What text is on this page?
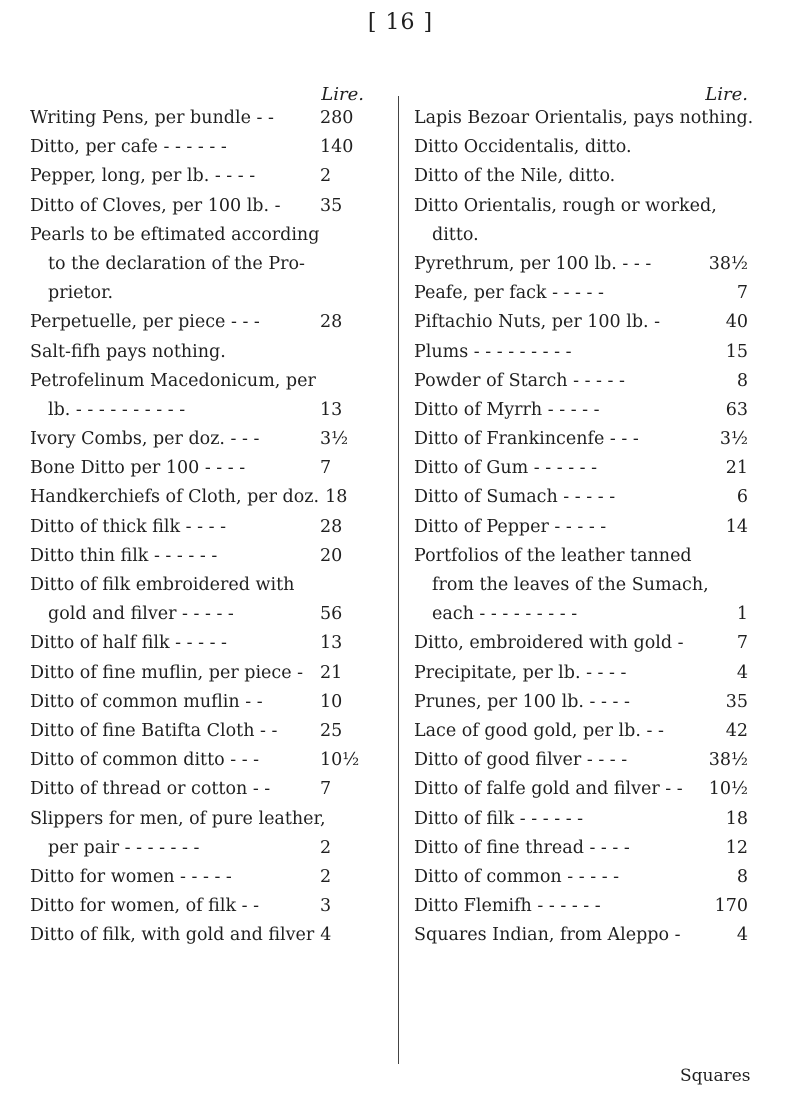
[ 16 ]
Lire.
Writing Pens, per bundle - -	280
Ditto, per cafe - - - - - -	140
Pepper, long, per lb. - - - -	2
Ditto of Cloves, per 100 lb. -	35
Pearls to be eftimated according
to the declaration of the Pro-
prietor.
Perpetuelle, per piece - - -	28
Salt-fifh pays nothing.
Petrofelinum Macedonicum, per
lb. - - - - - - - - - -	13
Ivory Combs, per doz. - - -	3½
Bone Ditto per 100 - - - -	7
Handkerchiefs of Cloth, per doz. 18
Ditto of thick filk - - - -	28
Ditto thin filk - - - - - -	20
Ditto of filk embroidered with
gold and filver - - - - -	56
Ditto of half filk - - - - -	13
Ditto of fine muflin, per piece - 21
Ditto of common muflin - -	10
Ditto of fine Batifta Cloth - -	25
Ditto of common ditto - - -	10½
Ditto of thread or cotton - -	7
Slippers for men, of pure leather,
per pair - - - - - - -	2
Ditto for women - - - - -	2
Ditto for women, of filk - -	3
Ditto of filk, with gold and filver 4
Lire.
Lapis Bezoar Orientalis, pays nothing.
Ditto Occidentalis, ditto.
Ditto of the Nile, ditto.
Ditto Orientalis, rough or worked,
ditto.
Pyrethrum, per 100 lb. - - -	38½
Peafe, per fack - - - - -	7
Piftachio Nuts, per 100 lb. -	40
Plums - - - - - - - - -	15
Powder of Starch - - - - -	8
Ditto of Myrrh - - - - -	63
Ditto of Frankincenfe - - -	3½
Ditto of Gum - - - - - -	21
Ditto of Sumach - - - - -	6
Ditto of Pepper - - - - -	14
Portfolios of the leather tanned
from the leaves of the Sumach,
each - - - - - - - - -	1
Ditto, embroidered with gold -	7
Precipitate, per lb. - - - -	4
Prunes, per 100 lb. - - - -	35
Lace of good gold, per lb. - -	42
Ditto of good filver - - - -	38½
Ditto of falfe gold and filver - -	10½
Ditto of filk - - - - - -	18
Ditto of fine thread - - - -	12
Ditto of common - - - - -	8
Ditto Flemifh - - - - - -	170
Squares Indian, from Aleppo -	4
Squares
